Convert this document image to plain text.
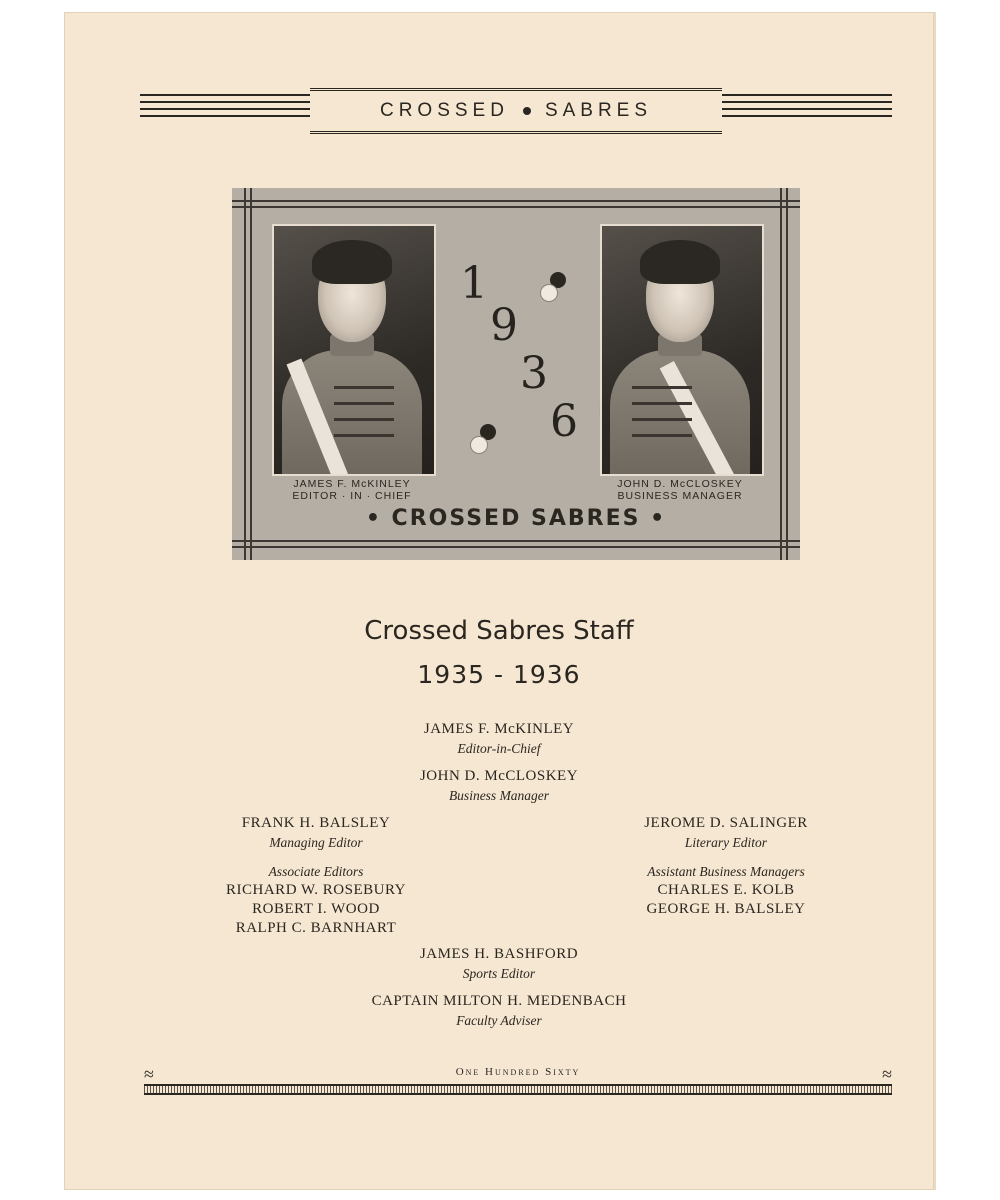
CROSSED SABRES
1
9
3
6
JAMES F. McKINLEY
EDITOR · IN · CHIEF
JOHN D. McCLOSKEY
BUSINESS MANAGER
• CROSSED SABRES •
Crossed Sabres Staff
1935 - 1936
JAMES F. McKINLEY
Editor-in-Chief
JOHN D. McCLOSKEY
Business Manager
FRANK H. BALSLEY
Managing Editor
JEROME D. SALINGER
Literary Editor
Associate Editors
RICHARD W. ROSEBURY
ROBERT I. WOOD
RALPH C. BARNHART
Assistant Business Managers
CHARLES E. KOLB
GEORGE H. BALSLEY
JAMES H. BASHFORD
Sports Editor
CAPTAIN MILTON H. MEDENBACH
Faculty Adviser
≈	One Hundred Sixty	≈
